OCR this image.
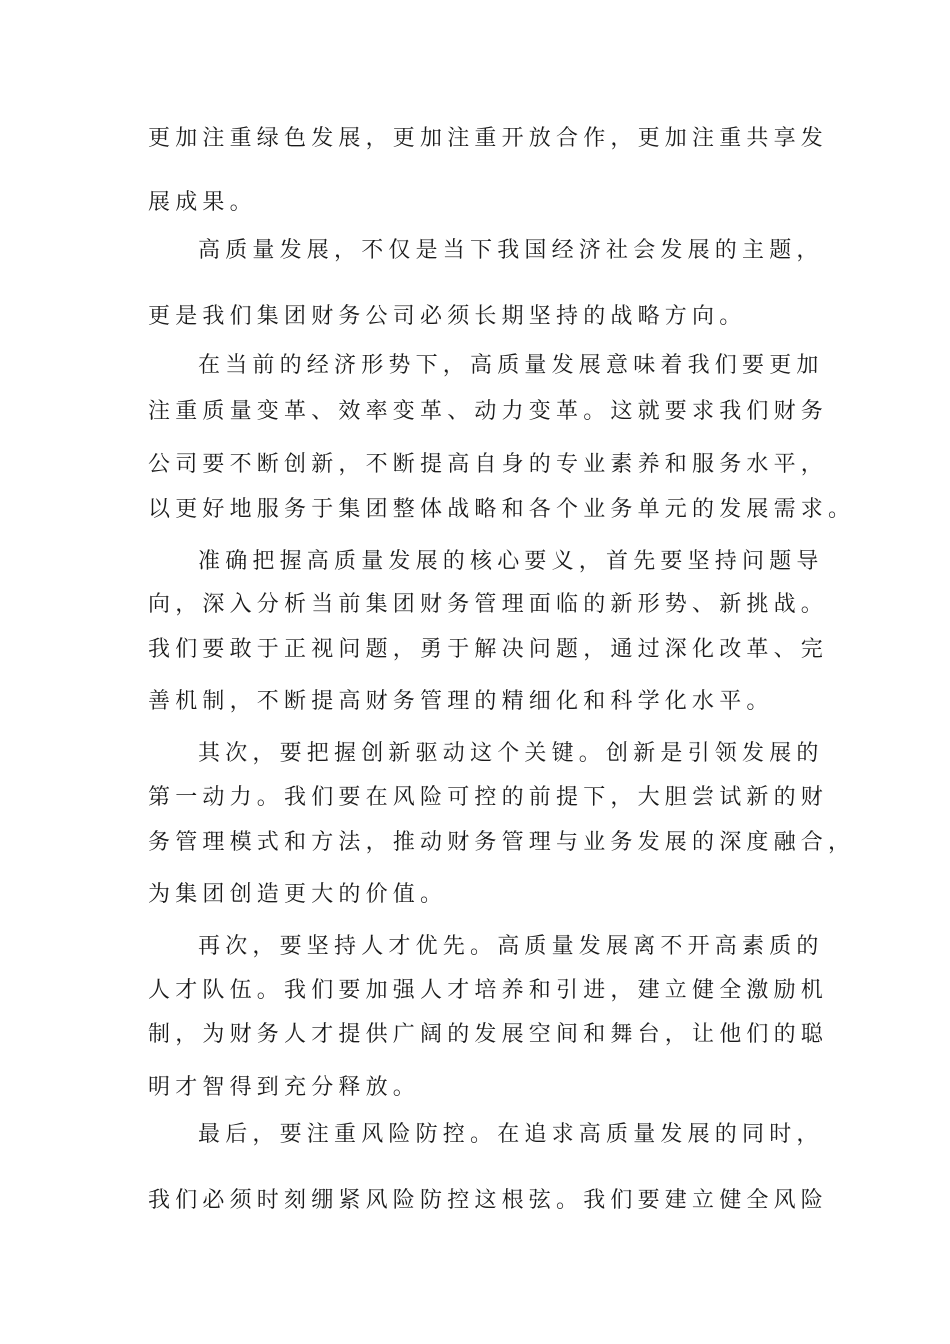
更加注重绿色发展，更加注重开放合作，更加注重共享发
展成果。
高质量发展，不仅是当下我国经济社会发展的主题，
更是我们集团财务公司必须长期坚持的战略方向。
在当前的经济形势下，高质量发展意味着我们要更加
注重质量变革、效率变革、动力变革。这就要求我们财务
公司要不断创新，不断提高自身的专业素养和服务水平，
以更好地服务于集团整体战略和各个业务单元的发展需求。
准确把握高质量发展的核心要义，首先要坚持问题导
向，深入分析当前集团财务管理面临的新形势、新挑战。
我们要敢于正视问题，勇于解决问题，通过深化改革、完
善机制，不断提高财务管理的精细化和科学化水平。
其次，要把握创新驱动这个关键。创新是引领发展的
第一动力。我们要在风险可控的前提下，大胆尝试新的财
务管理模式和方法，推动财务管理与业务发展的深度融合，
为集团创造更大的价值。
再次，要坚持人才优先。高质量发展离不开高素质的
人才队伍。我们要加强人才培养和引进，建立健全激励机
制，为财务人才提供广阔的发展空间和舞台，让他们的聪
明才智得到充分释放。
最后，要注重风险防控。在追求高质量发展的同时，
我们必须时刻绷紧风险防控这根弦。我们要建立健全风险
